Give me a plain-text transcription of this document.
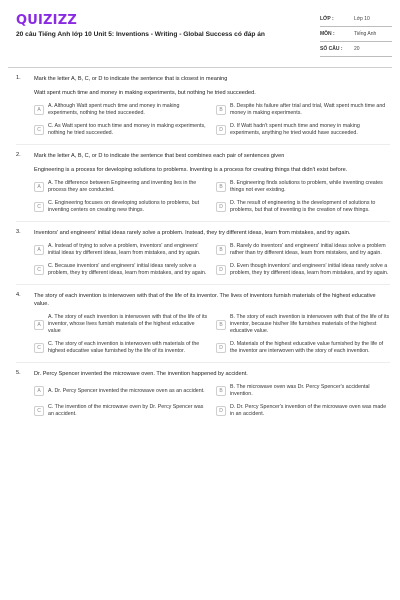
QUIZIZZ
20 câu Tiếng Anh lớp 10 Unit 5: Inventions - Writing - Global Success có đáp án
LỚP :	Lớp 10
MÔN :	Tiếng Anh
SỐ CÂU :	20
1. Mark the letter A, B, C, or D to indicate the sentence that is closest in meaning
Watt spent much time and money in making experiments, but nothing he tried succeeded.
A
A. Although Watt spent much time and money in making experiments, nothing he tried succeeded.	B
B. Despite his failure after trial and trial, Watt spent much time and money in making experiments.
C
C. As Watt spent too much time and money in making experiments, nothing he tried succeeded.	D
D. If Watt hadn't spent much time and money in making experiments, anything he tried would have succeeded.
2. Mark the letter A, B, C, or D to indicate the sentence that best combines each pair of sentences given
Engineering is a process for developing solutions to problems. Inventing is a process for creating things that didn't exist before.
A
A. The difference between Engineering and inventing lies in the process they are conducted.	B
B. Engineering finds solutions to problem, while inventing creates things not ever existing.
C
C. Engineering focuses on developing solutions to problems, but inventing centers on creating new things.	D
D. The result of engineering is the development of solutions to problems, but that of inventing is the creation of new things.
3. Inventors' and engineers' initial ideas rarely solve a problem. Instead, they try different ideas, learn from mistakes, and try again.
A
A. Instead of trying to solve a problem, inventors' and engineers' initial ideas try different ideas, learn from mistakes, and try again.	B
B. Rarely do inventors' and engineers' initial ideas solve a problem rather than try different ideas, learn from mistakes, and try again.
C
C. Because inventors' and engineers' initial ideas rarely solve a problem, they try different ideas, learn from mistakes, and try again.	D
D. Even though inventors' and engineers' initial ideas rarely solve a problem, they try different ideas, learn from mistakes, and try again.
4. The story of each invention is interwoven with that of the life of its inventor. The lives of inventors furnish materials of the highest educative value.
A
A. The story of each invention is interwoven with that of the life of its inventor, whose lives furnish materials of the highest educative value
B
B. The story of each invention is interwoven with that of the life of its inventor, because his/her life furnishes materials of the highest educative value.
C
C. The story of each invention is interwoven with materials of the highest educative value furnished by the life of its inventor.	D
D. Materials of the highest educative value furnished by the life of the inventor are interwoven with the story of each invention.
5. Dr. Percy Spencer invented the microwave oven. The invention happened by accident.
A	A. Dr. Percy Spencer invented the microwave oven as an accident.	B
B. The microwave oven was Dr. Percy Spencer's accidental invention.
C
C. The invention of the microwave oven by Dr. Percy Spencer was an accident.	D
D. Dr. Percy Spencer's invention of the microwave oven was made in an accident.
